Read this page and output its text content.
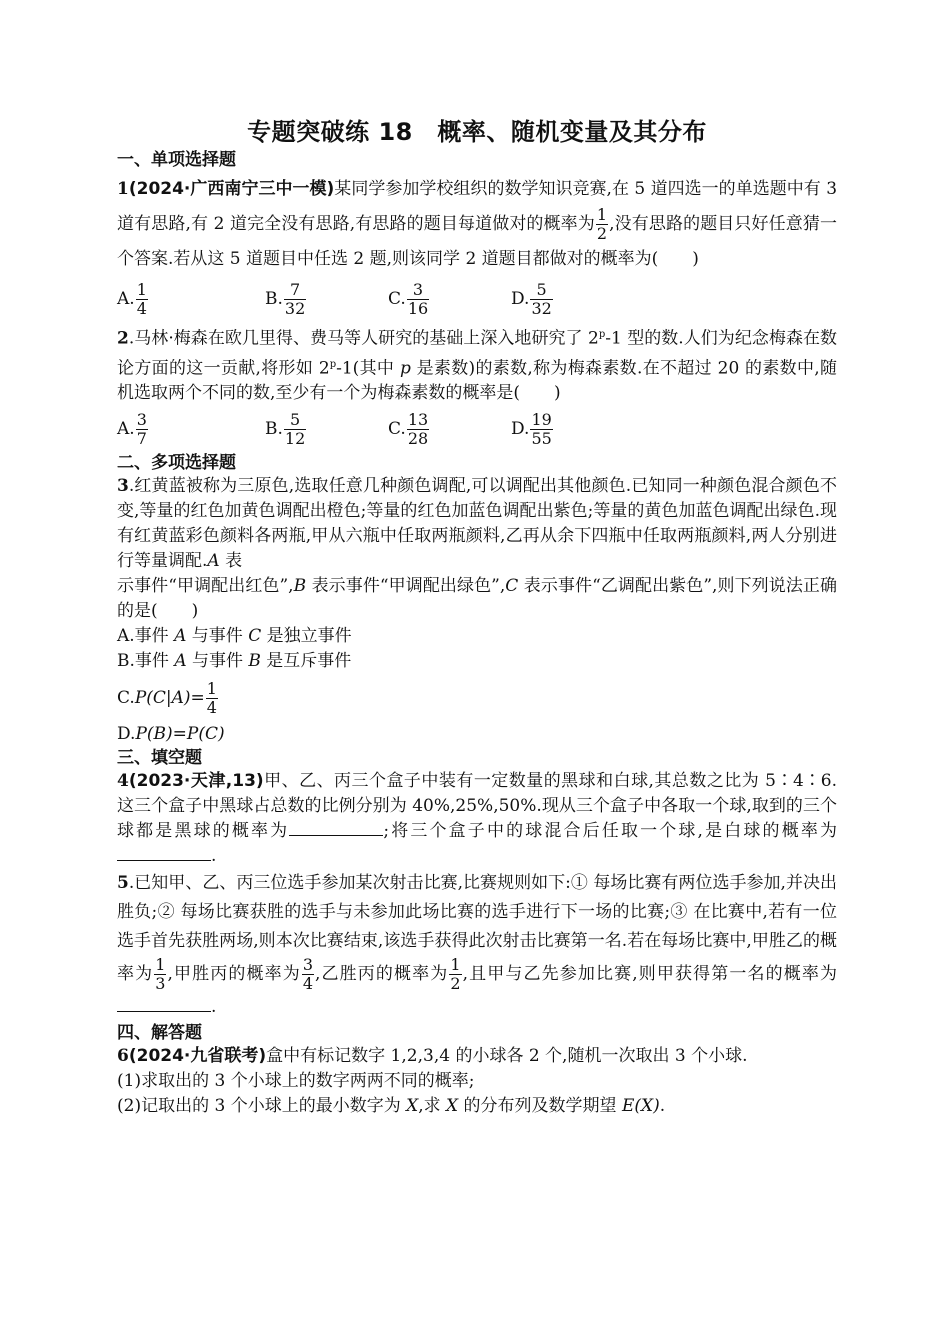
专题突破练 18　概率、随机变量及其分布
一、单项选择题
1(2024·广西南宁三中一模)某同学参加学校组织的数学知识竞赛,在 5 道四选一的单选题中有 3 道有思路,有 2 道完全没有思路,有思路的题目每道做对的概率为 $\frac{1}{2}$ ,没有思路的题目只好任意猜一个答案.若从这 5 道题目中任选 2 题,则该同学 2 道题目都做对的概率为(　　)
A. $\frac{1}{4}$	B. $\frac{7}{32}$	C. $\frac{3}{16}$	D. $\frac{5}{32}$
2.马林·梅森在欧几里得、费马等人研究的基础上深入地研究了 2$^p$-1 型的数.人们为纪念梅森在数论方面的这一贡献,将形如 2$^p$-1(其中 p 是素数)的素数,称为梅森素数.在不超过 20 的素数中,随机选取两个不同的数,至少有一个为梅森素数的概率是(　　)
A. $\frac{3}{7}$	B. $\frac{5}{12}$	C. $\frac{13}{28}$	D. $\frac{19}{55}$
二、多项选择题
3.红黄蓝被称为三原色,选取任意几种颜色调配,可以调配出其他颜色.已知同一种颜色混合颜色不变,等量的红色加黄色调配出橙色;等量的红色加蓝色调配出紫色;等量的黄色加蓝色调配出绿色.现有红黄蓝彩色颜料各两瓶,甲从六瓶中任取两瓶颜料,乙再从余下四瓶中任取两瓶颜料,两人分别进行等量调配.A 表
示事件“甲调配出红色”,B 表示事件“甲调配出绿色”,C 表示事件“乙调配出紫色”,则下列说法正确的是(　　)
A.事件 A 与事件 C 是独立事件
B.事件 A 与事件 B 是互斥事件
C. $P(C|A)= \frac{1}{4}$
D.P(B)=P(C)
三、填空题
4(2023·天津,13)甲、乙、丙三个盒子中装有一定数量的黑球和白球,其总数之比为 5∶4∶6.这三个盒子中黑球占总数的比例分别为 40%,25%,50%.现从三个盒子中各取一个球,取到的三个球都是黑球的概率为	;将三个盒子中的球混合后任取一个球,是白球的概率为.
5.已知甲、乙、丙三位选手参加某次射击比赛,比赛规则如下:① 每场比赛有两位选手参加,并决出胜负;② 每场比赛获胜的选手与未参加此场比赛的选手进行下一场的比赛;③ 在比赛中,若有一位选手首先获胜两场,则本次比赛结束,该选手获得此次射击比赛第一名.若在每场比赛中,甲胜乙的概率为 $\frac{1}{3}$ ,甲胜丙的概率为 $\frac{3}{4}$ ,乙胜丙的概率为 $\frac{1}{2}$ ,且甲与乙先参加比赛,则甲获得第一名的概率为.
四、解答题
6(2024·九省联考)盒中有标记数字 1,2,3,4 的小球各 2 个,随机一次取出 3 个小球.
(1)求取出的 3 个小球上的数字两两不同的概率;
(2)记取出的 3 个小球上的最小数字为 X,求 X 的分布列及数学期望 E(X).
